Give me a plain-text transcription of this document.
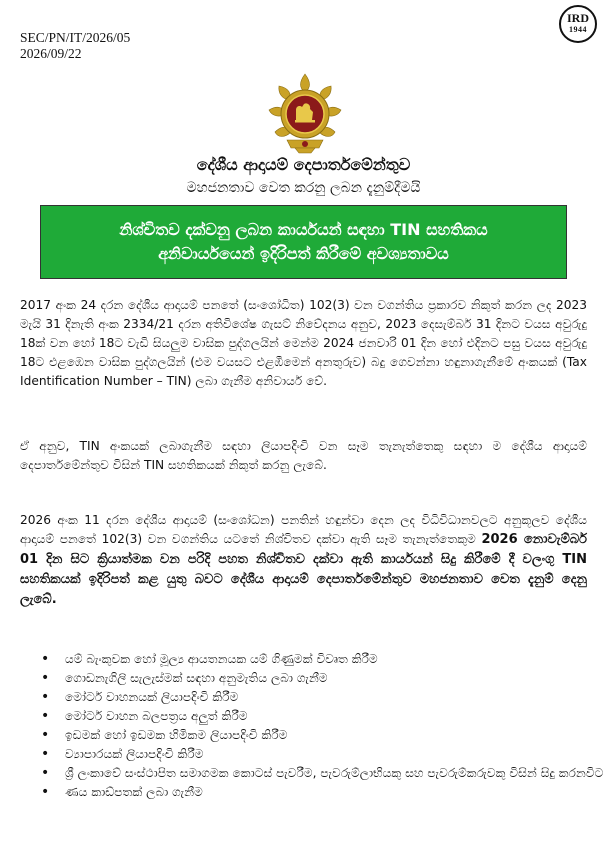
SEC/PN/IT/2026/05
2026/09/22
IRD
1944
දේශීය ආදායම් දෙපාර්තමේන්තුව
මහජනතාව වෙත කරනු ලබන දැනුම්දීමයි
නිශ්චිතව දක්වනු ලබන කාර්යයන් සඳහා TIN සහතිකය
අනිවාර්යයෙන් ඉදිරිපත් කිරීමේ අවශ්‍යතාවය
2017 අංක 24 දරන දේශීය ආදායම් පනතේ (සංශෝධිත) 102(3) වන වගන්තිය ප්‍රකාරව නිකුත් කරන ලද 2023 මැයි 31 දිනැති අංක 2334/21 දරන අතිවිශේෂ ගැසට් නිවේදනය අනුව, 2023 දෙසැම්බර් 31 දිනට වයස අවුරුදු 18ක් වන හෝ 18ට වැඩි සියලුම වාසික පුද්ගලයින් මෙන්ම 2024 ජනවාරි 01 දින හෝ එදිනට පසු වයස අවුරුදු 18ට එළඹෙන වාසික පුද්ගලයින් (එම වයසට එළඹීමෙන් අනතුරුව) බදු ගෙවන්නා හඳුනාගැනීමේ අංකයක් (Tax Identification Number – TIN) ලබා ගැනීම අනිවාර්ය වේ.
ඒ අනුව, TIN අංකයක් ලබාගැනීම සඳහා ලියාපදිංචි වන සෑම තැනැත්තෙකු සඳහා ම දේශීය ආදායම් දෙපාර්තමේන්තුව විසින් TIN සහතිකයක් නිකුත් කරනු ලැබේ.
2026 අංක 11 දරන දේශීය ආදායම් (සංශෝධන) පනතින් හඳුන්වා දෙන ලද විධිවිධානවලට අනුකූලව දේශීය ආදායම් පනතේ 102(3) වන වගන්තිය යටතේ නිශ්චිතව දක්වා ඇති සෑම තැනැත්තෙකුම 2026 නොවැම්බර් 01 දින සිට ක්‍රියාත්මක වන පරිදි පහත නිශ්චිතව දක්වා ඇති කාර්යයන් සිදු කිරීමේ දී වලංගු TIN සහතිකයක් ඉදිරිපත් කළ යුතු බවට දේශීය ආදායම් දෙපාර්තමේන්තුව මහජනතාව වෙත දැනුම් දෙනු ලැබේ.
• යම් බැංකුවක හෝ මූල්‍ය ආයතනයක යම් ගිණුමක් විවෘත කිරීම
• ගොඩනැගිලි සැලැස්මක් සඳහා අනුමැතිය ලබා ගැනීම
• මෝටර් වාහනයක් ලියාපදිංචි කිරීම
• මෝටර් වාහන බලපත්‍රය අලුත් කිරීම
• ඉඩමක් හෝ ඉඩමක හිමිකම ලියාපදිංචි කිරීම
• ව්‍යාපාරයක් ලියාපදිංචි කිරීම
• ශ්‍රී ලංකාවේ සංස්ථාපිත සමාගමක කොටස් පැවරීම, පැවරුම්ලාභියකු සහ පැවරුම්කරුවකු විසින් සිදු කරනවිට
• ණය කාඩ්පතක් ලබා ගැනීම
